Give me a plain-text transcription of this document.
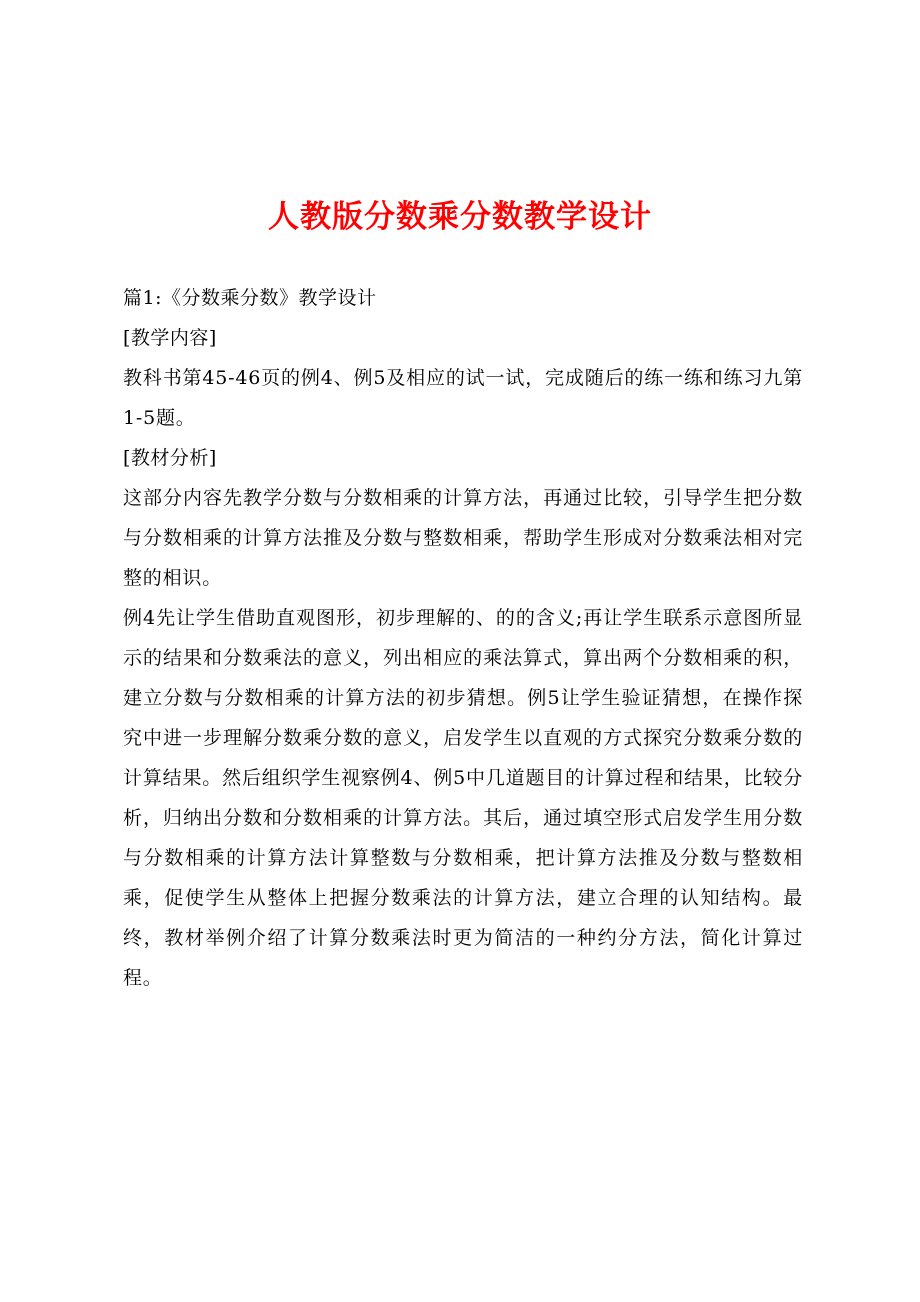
人教版分数乘分数教学设计

篇1:《分数乘分数》教学设计

[教学内容]

教科书第45-46页的例4、例5及相应的试一试，完成随后的练一练和练习九第1-5题。

[教材分析]

这部分内容先教学分数与分数相乘的计算方法，再通过比较，引导学生把分数与分数相乘的计算方法推及分数与整数相乘，帮助学生形成对分数乘法相对完整的相识。

例4先让学生借助直观图形，初步理解的、的的含义;再让学生联系示意图所显示的结果和分数乘法的意义，列出相应的乘法算式，算出两个分数相乘的积，建立分数与分数相乘的计算方法的初步猜想。例5让学生验证猜想，在操作探究中进一步理解分数乘分数的意义，启发学生以直观的方式探究分数乘分数的计算结果。然后组织学生视察例4、例5中几道题目的计算过程和结果，比较分析，归纳出分数和分数相乘的计算方法。其后，通过填空形式启发学生用分数与分数相乘的计算方法计算整数与分数相乘，把计算方法推及分数与整数相乘，促使学生从整体上把握分数乘法的计算方法，建立合理的认知结构。最终，教材举例介绍了计算分数乘法时更为简洁的一种约分方法，简化计算过程。
